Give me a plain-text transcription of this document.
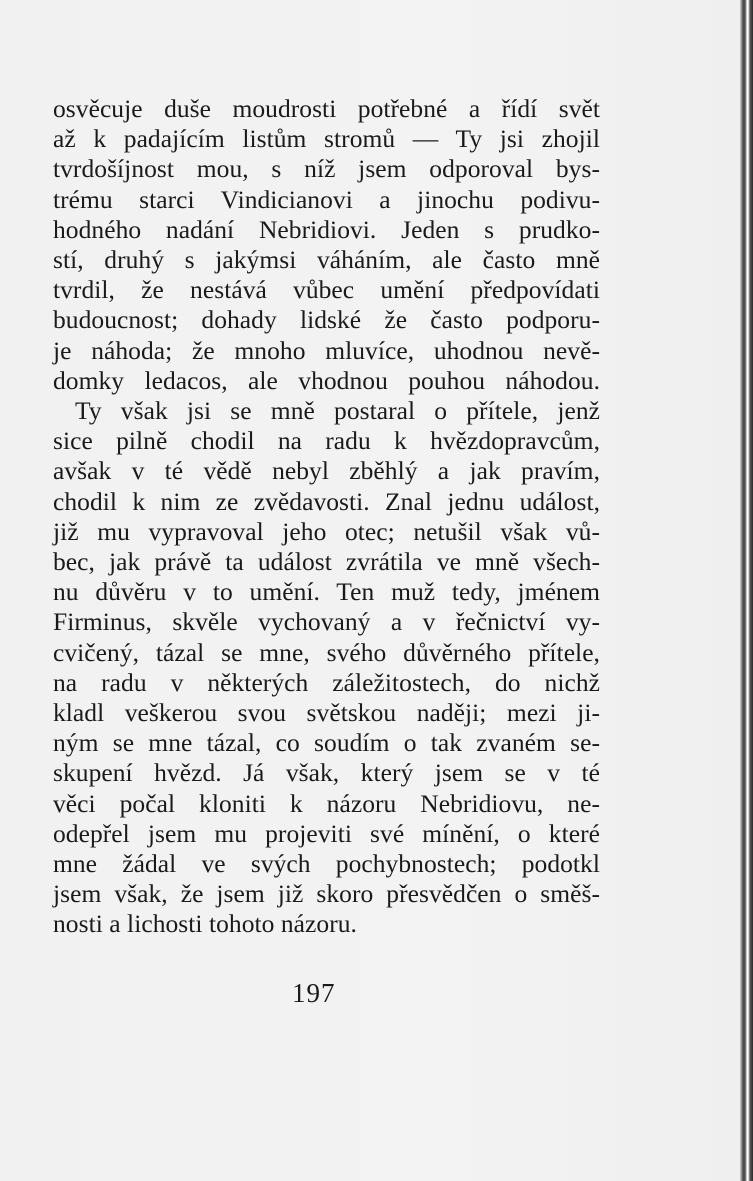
osvěcuje duše moudrosti potřebné a řídí svět
až k padajícím listům stromů — Ty jsi zhojil
tvrdošíjnost mou, s níž jsem odporoval bys-
trému starci Vindicianovi a jinochu podivu-
hodného nadání Nebridiovi. Jeden s prudko-
stí, druhý s jakýmsi váháním, ale často mně
tvrdil, že nestává vůbec umění předpovídati
budoucnost; dohady lidské že často podporu-
je náhoda; že mnoho mluvíce, uhodnou nevě-
domky ledacos, ale vhodnou pouhou náhodou.
Ty však jsi se mně postaral o přítele, jenž
sice pilně chodil na radu k hvězdopravcům,
avšak v té vědě nebyl zběhlý a jak pravím,
chodil k nim ze zvědavosti. Znal jednu událost,
již mu vypravoval jeho otec; netušil však vů-
bec, jak právě ta událost zvrátila ve mně všech-
nu důvěru v to umění. Ten muž tedy, jménem
Firminus, skvěle vychovaný a v řečnictví vy-
cvičený, tázal se mne, svého důvěrného přítele,
na radu v některých záležitostech, do nichž
kladl veškerou svou světskou naději; mezi ji-
ným se mne tázal, co soudím o tak zvaném se-
skupení hvězd. Já však, který jsem se v té
věci počal kloniti k názoru Nebridiovu, ne-
odepřel jsem mu projeviti své mínění, o které
mne žádal ve svých pochybnostech; podotkl
jsem však, že jsem již skoro přesvědčen o směš-
nosti a lichosti tohoto názoru.
197
